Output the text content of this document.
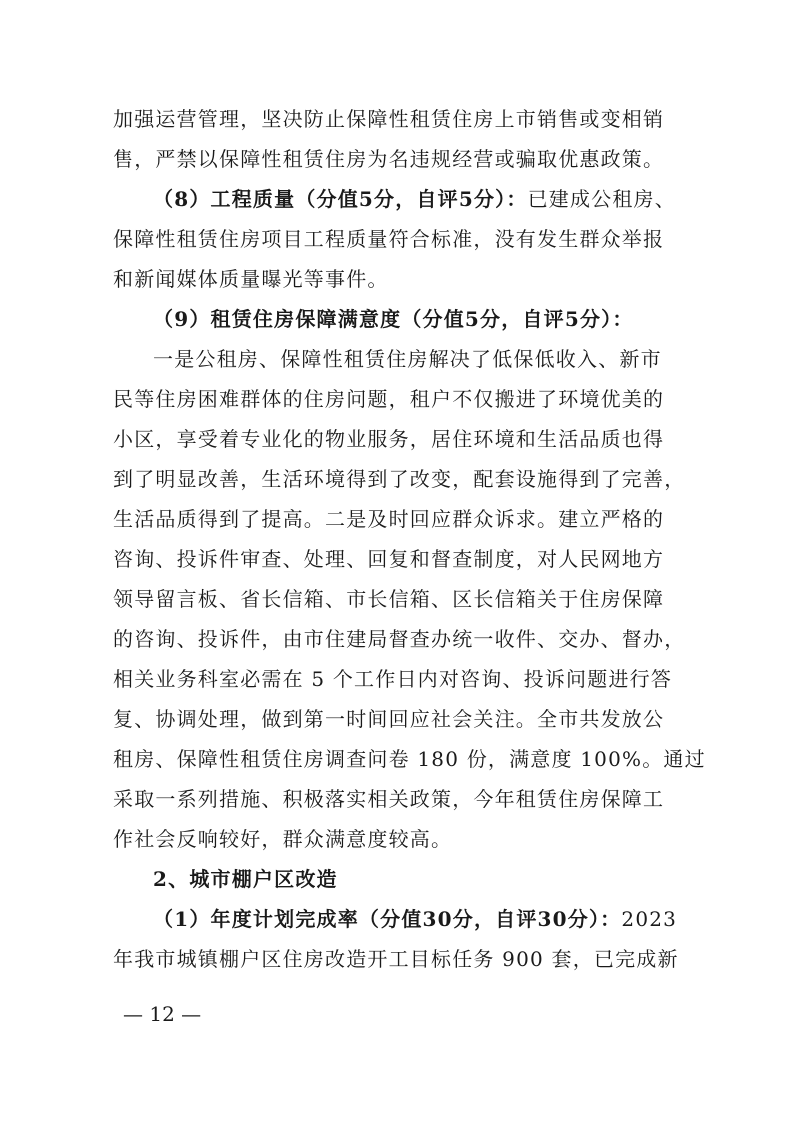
加强运营管理，坚决防止保障性租赁住房上市销售或变相销
售，严禁以保障性租赁住房为名违规经营或骗取优惠政策。
（8）工程质量（分值5分，自评5分）：已建成公租房、
保障性租赁住房项目工程质量符合标准，没有发生群众举报
和新闻媒体质量曝光等事件。
（9）租赁住房保障满意度（分值5分，自评5分）：
一是公租房、保障性租赁住房解决了低保低收入、新市
民等住房困难群体的住房问题，租户不仅搬进了环境优美的
小区，享受着专业化的物业服务，居住环境和生活品质也得
到了明显改善，生活环境得到了改变，配套设施得到了完善，
生活品质得到了提高。二是及时回应群众诉求。建立严格的
咨询、投诉件审查、处理、回复和督查制度，对人民网地方
领导留言板、省长信箱、市长信箱、区长信箱关于住房保障
的咨询、投诉件，由市住建局督查办统一收件、交办、督办，
相关业务科室必需在 5 个工作日内对咨询、投诉问题进行答
复、协调处理，做到第一时间回应社会关注。全市共发放公
租房、保障性租赁住房调查问卷 180 份，满意度 100%。通过
采取一系列措施、积极落实相关政策，今年租赁住房保障工
作社会反响较好，群众满意度较高。
2、城市棚户区改造
（1）年度计划完成率（分值30分，自评30分）：2023
年我市城镇棚户区住房改造开工目标任务 900 套，已完成新
— 12 —
